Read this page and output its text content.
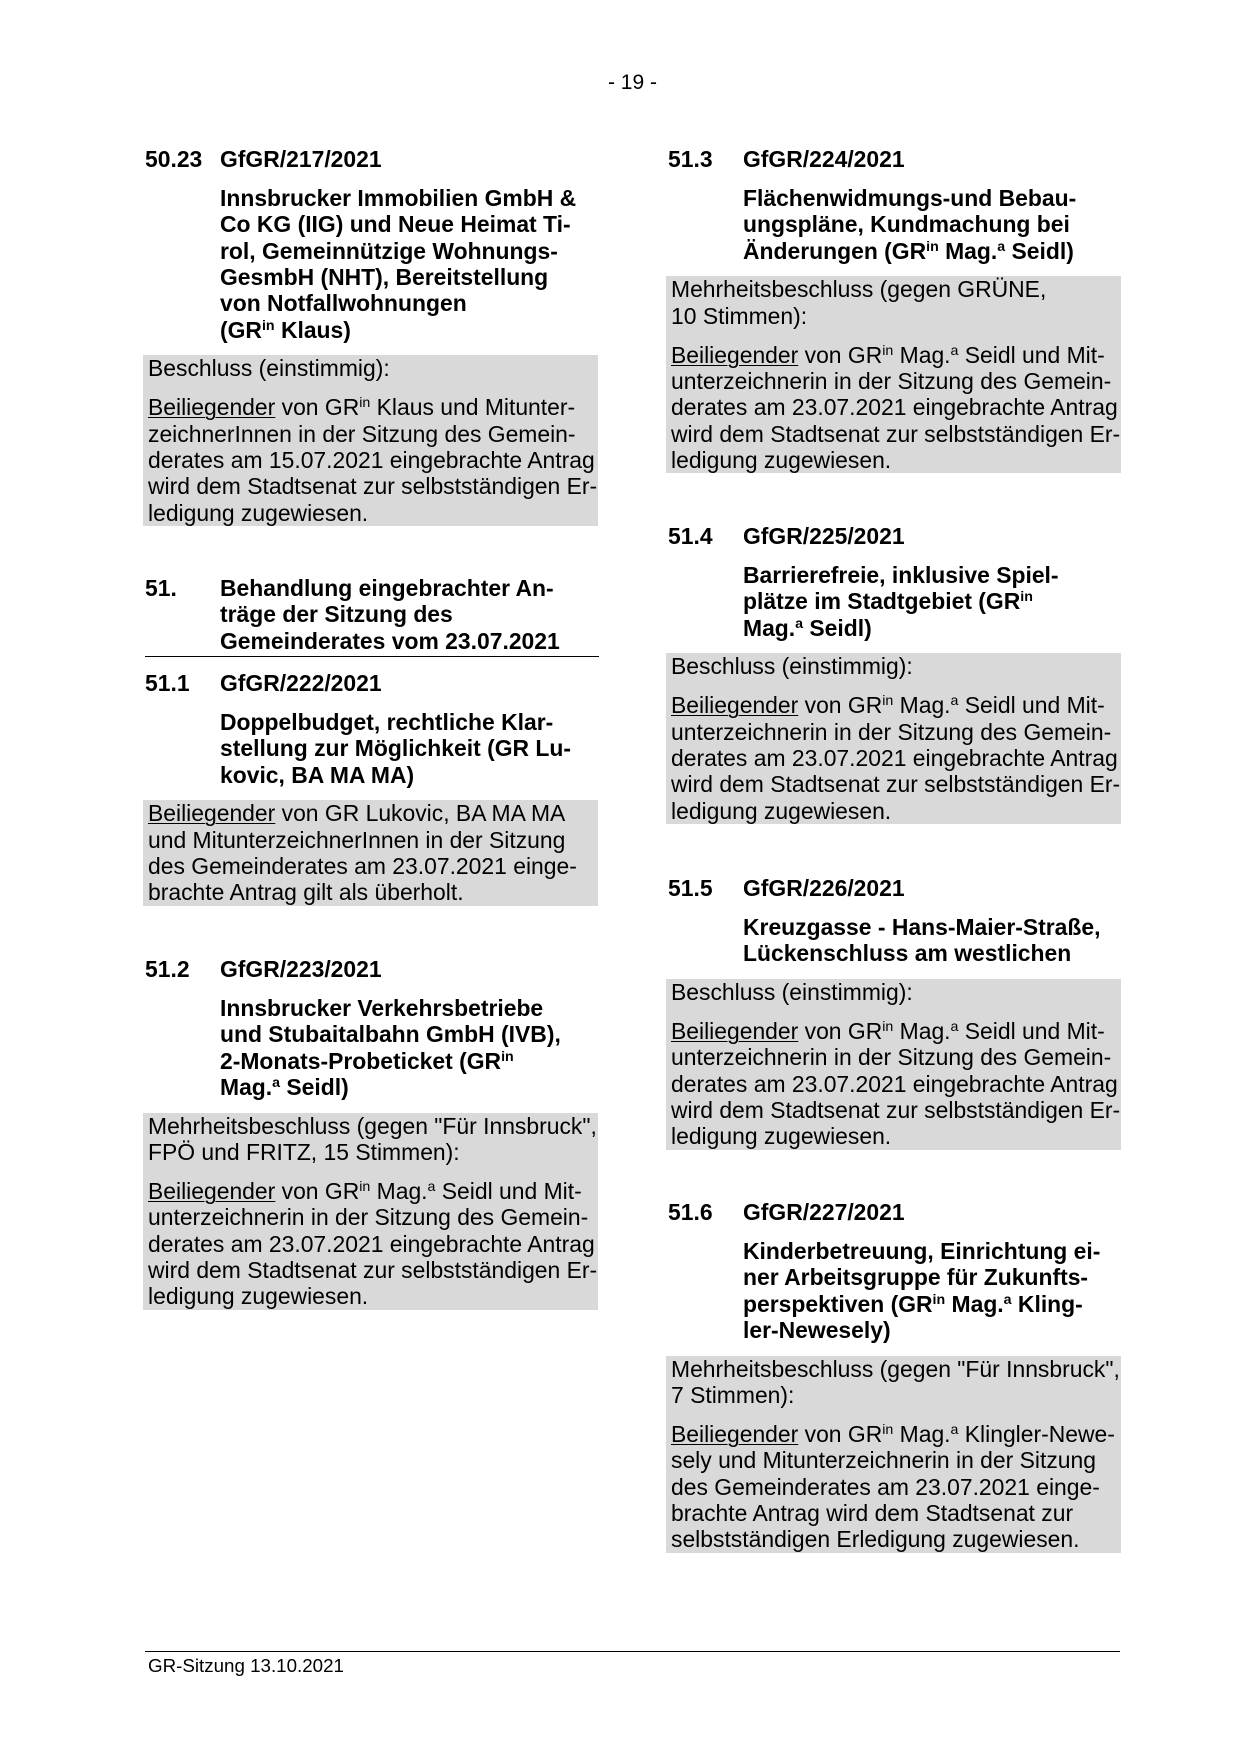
- 19 -
50.23 GfGR/217/2021
Innsbrucker Immobilien GmbH &
Co KG (IIG) und Neue Heimat Ti-
rol, Gemeinnützige Wohnungs-
GesmbH (NHT), Bereitstellung
von Notfallwohnungen
($GR^{in}$ Klaus)
Beschluss (einstimmig):
Beiliegender von $GR^{in}$ Klaus und Mitunter-
zeichnerInnen in der Sitzung des Gemein-
derates am 15.07.2021 eingebrachte Antrag
wird dem Stadtsenat zur selbstständigen Er-
ledigung zugewiesen.
51. Behandlung eingebrachter An-
träge der Sitzung des
Gemeinderates vom 23.07.2021
51.1 GfGR/222/2021
Doppelbudget, rechtliche Klar-
stellung zur Möglichkeit (GR Lu-
kovic, BA MA MA)
Beiliegender von GR Lukovic, BA MA MA
und MitunterzeichnerInnen in der Sitzung
des Gemeinderates am 23.07.2021 einge-
brachte Antrag gilt als überholt.
51.2 GfGR/223/2021
Innsbrucker Verkehrsbetriebe
und Stubaitalbahn GmbH (IVB),
2-Monats-Probeticket ($GR^{in}$
Mag.$^a$ Seidl)
Mehrheitsbeschluss (gegen "Für Innsbruck",
FPÖ und FRITZ, 15 Stimmen):
Beiliegender von $GR^{in}$ Mag.$^a$ Seidl und Mit-
unterzeichnerin in der Sitzung des Gemein-
derates am 23.07.2021 eingebrachte Antrag
wird dem Stadtsenat zur selbstständigen Er-
ledigung zugewiesen.
51.3 GfGR/224/2021
Flächenwidmungs-und Bebau-
ungspläne, Kundmachung bei
Änderungen ($GR^{in}$ Mag.$^a$ Seidl)
Mehrheitsbeschluss (gegen GRÜNE,
10 Stimmen):
Beiliegender von $GR^{in}$ Mag.$^a$ Seidl und Mit-
unterzeichnerin in der Sitzung des Gemein-
derates am 23.07.2021 eingebrachte Antrag
wird dem Stadtsenat zur selbstständigen Er-
ledigung zugewiesen.
51.4 GfGR/225/2021
Barrierefreie, inklusive Spiel-
plätze im Stadtgebiet ($GR^{in}$
Mag.$^a$ Seidl)
Beschluss (einstimmig):
Beiliegender von $GR^{in}$ Mag.$^a$ Seidl und Mit-
unterzeichnerin in der Sitzung des Gemein-
derates am 23.07.2021 eingebrachte Antrag
wird dem Stadtsenat zur selbstständigen Er-
ledigung zugewiesen.
51.5 GfGR/226/2021
Kreuzgasse - Hans-Maier-Straße,
Lückenschluss am westlichen
Beschluss (einstimmig):
Beiliegender von $GR^{in}$ Mag.$^a$ Seidl und Mit-
unterzeichnerin in der Sitzung des Gemein-
derates am 23.07.2021 eingebrachte Antrag
wird dem Stadtsenat zur selbstständigen Er-
ledigung zugewiesen.
51.6 GfGR/227/2021
Kinderbetreuung, Einrichtung ei-
ner Arbeitsgruppe für Zukunfts-
perspektiven ($GR^{in}$ Mag.$^a$ Kling-
ler-Newesely)
Mehrheitsbeschluss (gegen "Für Innsbruck",
7 Stimmen):
Beiliegender von $GR^{in}$ Mag.$^a$ Klingler-Newe-
sely und Mitunterzeichnerin in der Sitzung
des Gemeinderates am 23.07.2021 einge-
brachte Antrag wird dem Stadtsenat zur
selbstständigen Erledigung zugewiesen.
GR-Sitzung 13.10.2021
